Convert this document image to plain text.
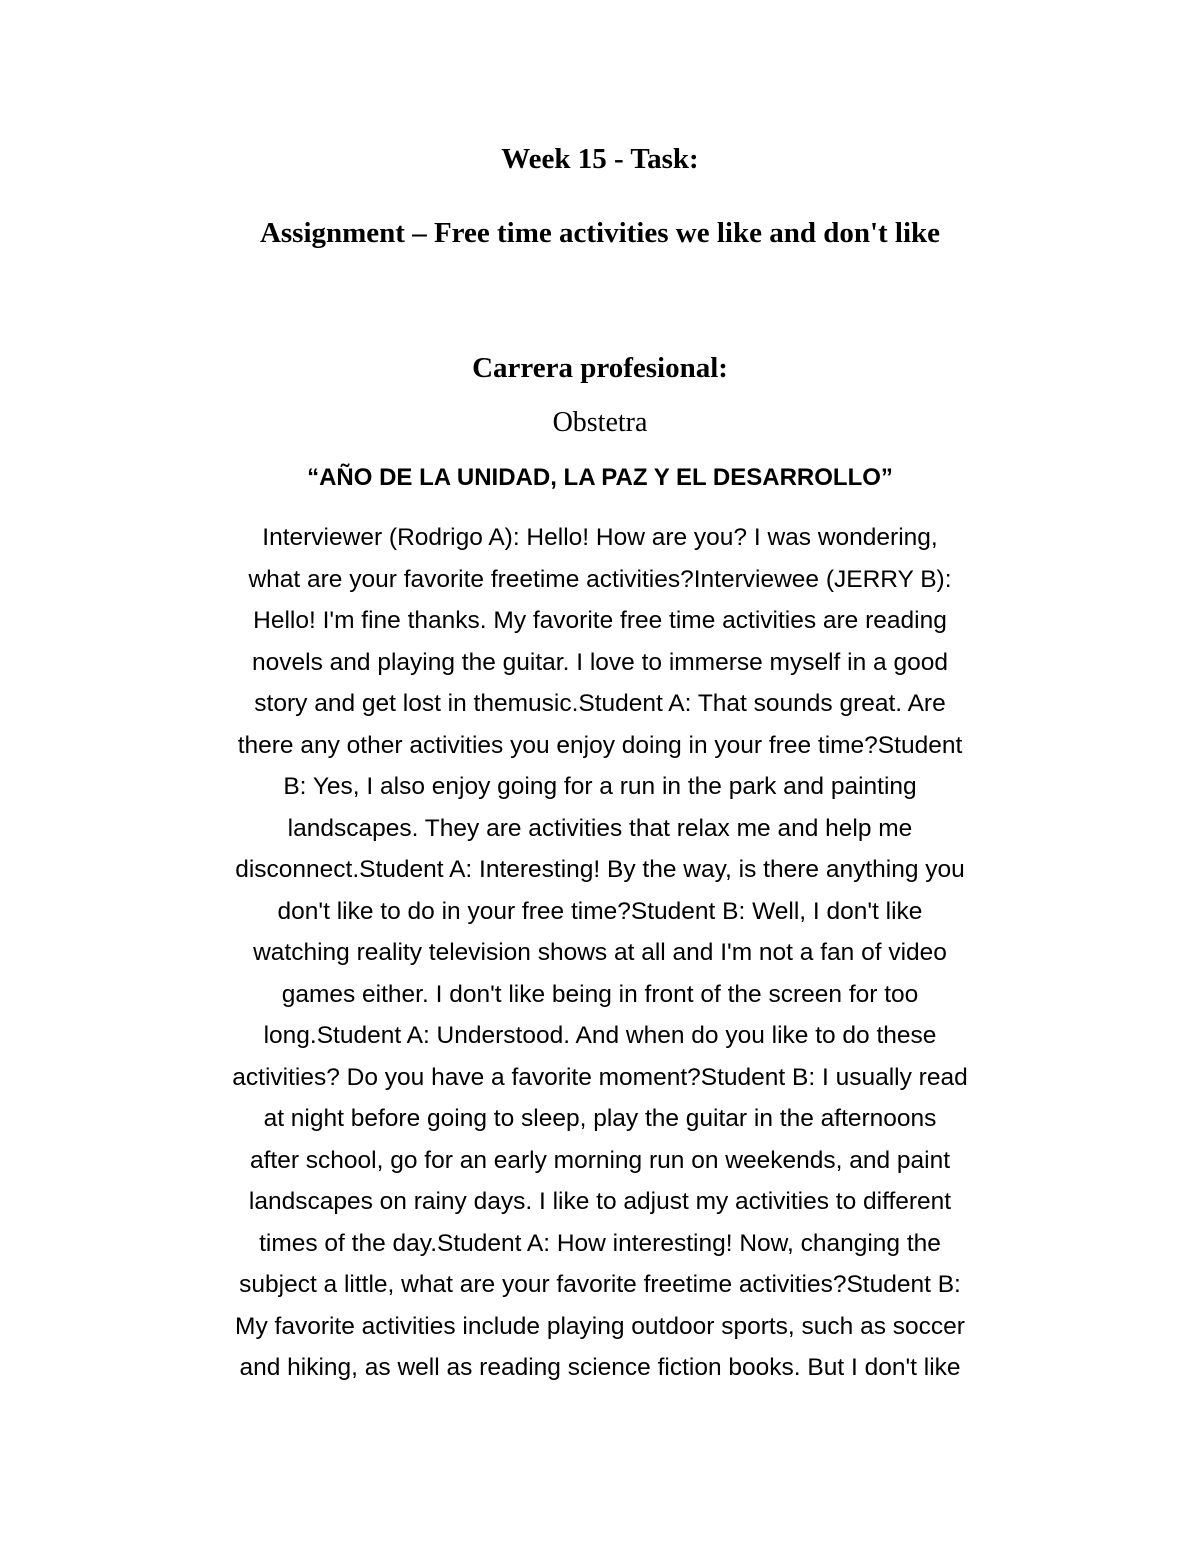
Week 15 - Task:
Assignment – Free time activities we like and don't like
Carrera profesional:
Obstetra
“AÑO DE LA UNIDAD, LA PAZ Y EL DESARROLLO”
Interviewer (Rodrigo A): Hello! How are you? I was wondering,
what are your favorite freetime activities?Interviewee (JERRY B):
Hello! I'm fine thanks. My favorite free time activities are reading
novels and playing the guitar. I love to immerse myself in a good
story and get lost in themusic.Student A: That sounds great. Are
there any other activities you enjoy doing in your free time?Student
B: Yes, I also enjoy going for a run in the park and painting
landscapes. They are activities that relax me and help me
disconnect.Student A: Interesting! By the way, is there anything you
don't like to do in your free time?Student B: Well, I don't like
watching reality television shows at all and I'm not a fan of video
games either. I don't like being in front of the screen for too
long.Student A: Understood. And when do you like to do these
activities? Do you have a favorite moment?Student B: I usually read
at night before going to sleep, play the guitar in the afternoons
after school, go for an early morning run on weekends, and paint
landscapes on rainy days. I like to adjust my activities to different
times of the day.Student A: How interesting! Now, changing the
subject a little, what are your favorite freetime activities?Student B:
My favorite activities include playing outdoor sports, such as soccer
and hiking, as well as reading science fiction books. But I don't like
